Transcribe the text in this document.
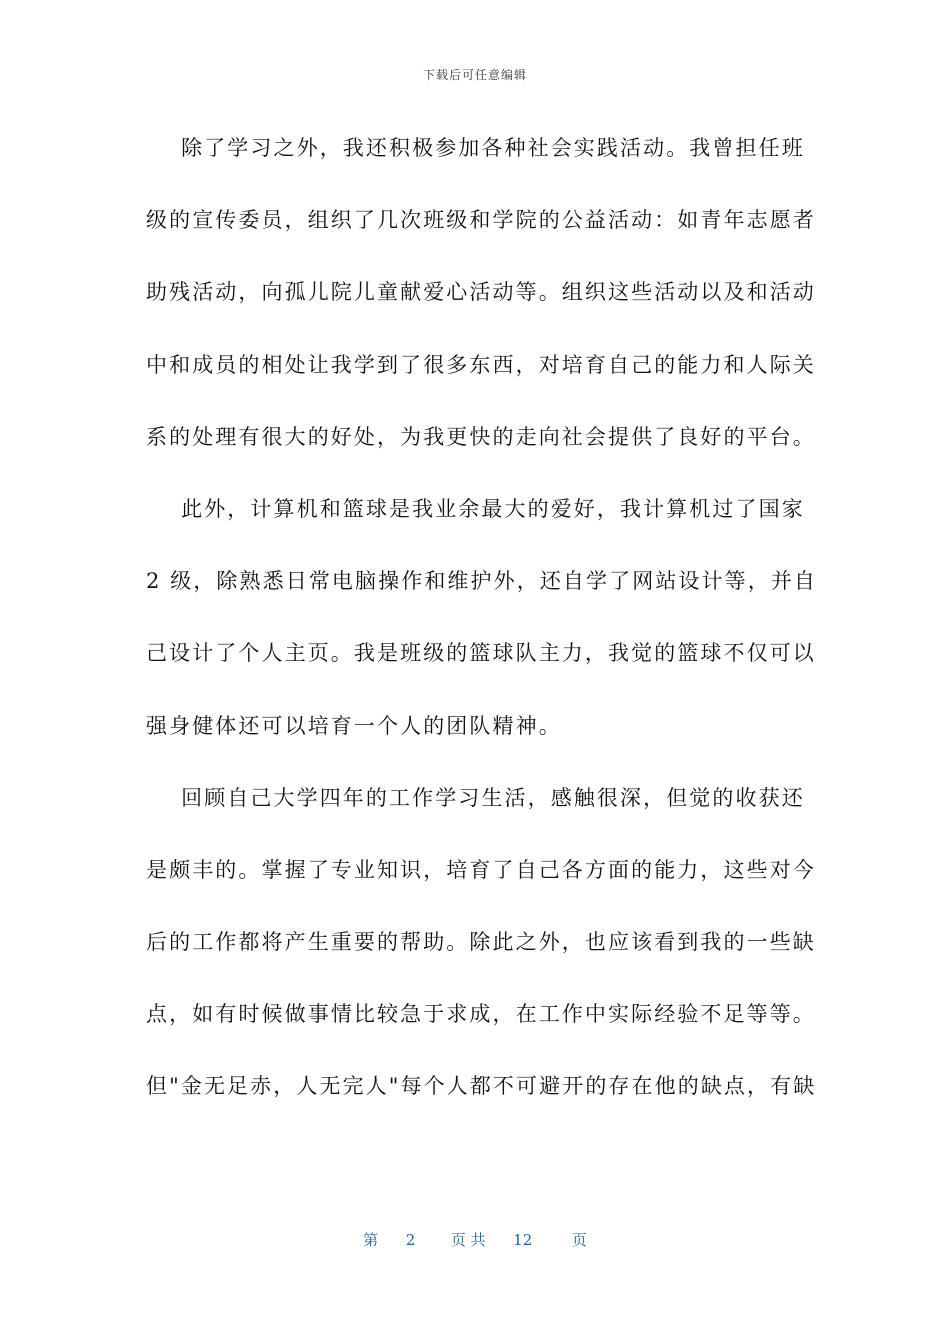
下载后可任意编辑
除了学习之外，我还积极参加各种社会实践活动。我曾担任班
级的宣传委员，组织了几次班级和学院的公益活动：如青年志愿者
助残活动，向孤儿院儿童献爱心活动等。组织这些活动以及和活动
中和成员的相处让我学到了很多东西，对培育自己的能力和人际关
系的处理有很大的好处，为我更快的走向社会提供了良好的平台。
此外，计算机和篮球是我业余最大的爱好，我计算机过了国家
2 级，除熟悉日常电脑操作和维护外，还自学了网站设计等，并自
己设计了个人主页。我是班级的篮球队主力，我觉的篮球不仅可以
强身健体还可以培育一个人的团队精神。
回顾自己大学四年的工作学习生活，感触很深，但觉的收获还
是颇丰的。掌握了专业知识，培育了自己各方面的能力，这些对今
后的工作都将产生重要的帮助。除此之外，也应该看到我的一些缺
点，如有时候做事情比较急于求成，在工作中实际经验不足等等。
但"金无足赤，人无完人"每个人都不可避开的存在他的缺点，有缺
第 2 页 共 12	页
